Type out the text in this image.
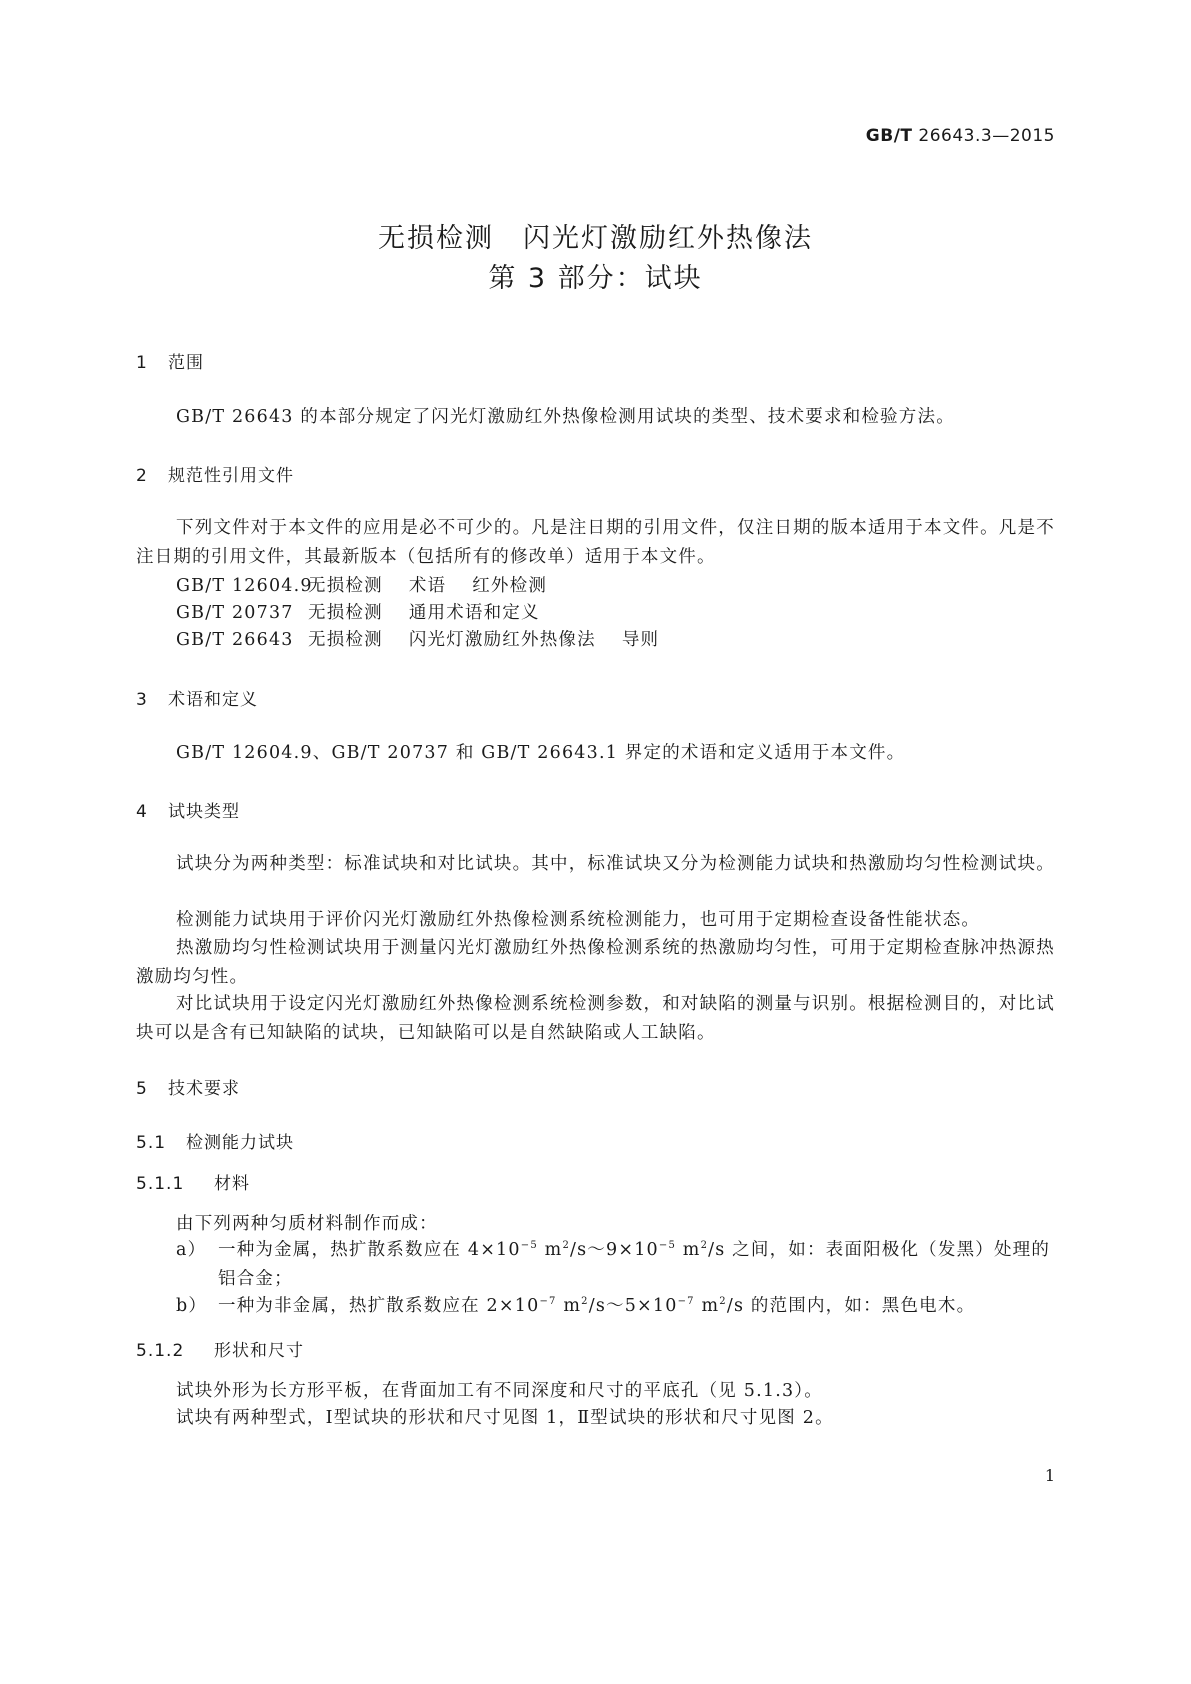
GB/T 26643.3—2015
无损检测　闪光灯激励红外热像法
第 3 部分：试块
1 范围
GB/T 26643 的本部分规定了闪光灯激励红外热像检测用试块的类型、技术要求和检验方法。
2 规范性引用文件
下列文件对于本文件的应用是必不可少的。凡是注日期的引用文件，仅注日期的版本适用于本文件。凡是不注日期的引用文件，其最新版本（包括所有的修改单）适用于本文件。
GB/T 12604.9无损检测 术语 红外检测
GB/T 20737 无损检测 通用术语和定义
GB/T 26643 无损检测 闪光灯激励红外热像法 导则
3 术语和定义
GB/T 12604.9、GB/T 20737 和 GB/T 26643.1 界定的术语和定义适用于本文件。
4 试块类型
试块分为两种类型：标准试块和对比试块。其中，标准试块又分为检测能力试块和热激励均匀性检测试块。
检测能力试块用于评价闪光灯激励红外热像检测系统检测能力，也可用于定期检查设备性能状态。
热激励均匀性检测试块用于测量闪光灯激励红外热像检测系统的热激励均匀性，可用于定期检查脉冲热源热激励均匀性。
对比试块用于设定闪光灯激励红外热像检测系统检测参数，和对缺陷的测量与识别。根据检测目的，对比试块可以是含有已知缺陷的试块，已知缺陷可以是自然缺陷或人工缺陷。
5 技术要求
5.1 检测能力试块
5.1.1 材料
由下列两种匀质材料制作而成：
a） 一种为金属，热扩散系数应在 $4\times 10^{-5}$ $m^2/s\sim 9\times 10^{-5}$ $m^2/s$ 之间，如：表面阳极化（发黑）处理的铝合金；
b） 一种为非金属，热扩散系数应在 $2\times 10^{-7}$ $m^2/s\sim 5\times 10^{-7}$ $m^2/s$ 的范围内，如：黑色电木。
5.1.2 形状和尺寸
试块外形为长方形平板，在背面加工有不同深度和尺寸的平底孔（见 5.1.3）。
试块有两种型式，Ⅰ型试块的形状和尺寸见图 1，Ⅱ型试块的形状和尺寸见图 2。
1
